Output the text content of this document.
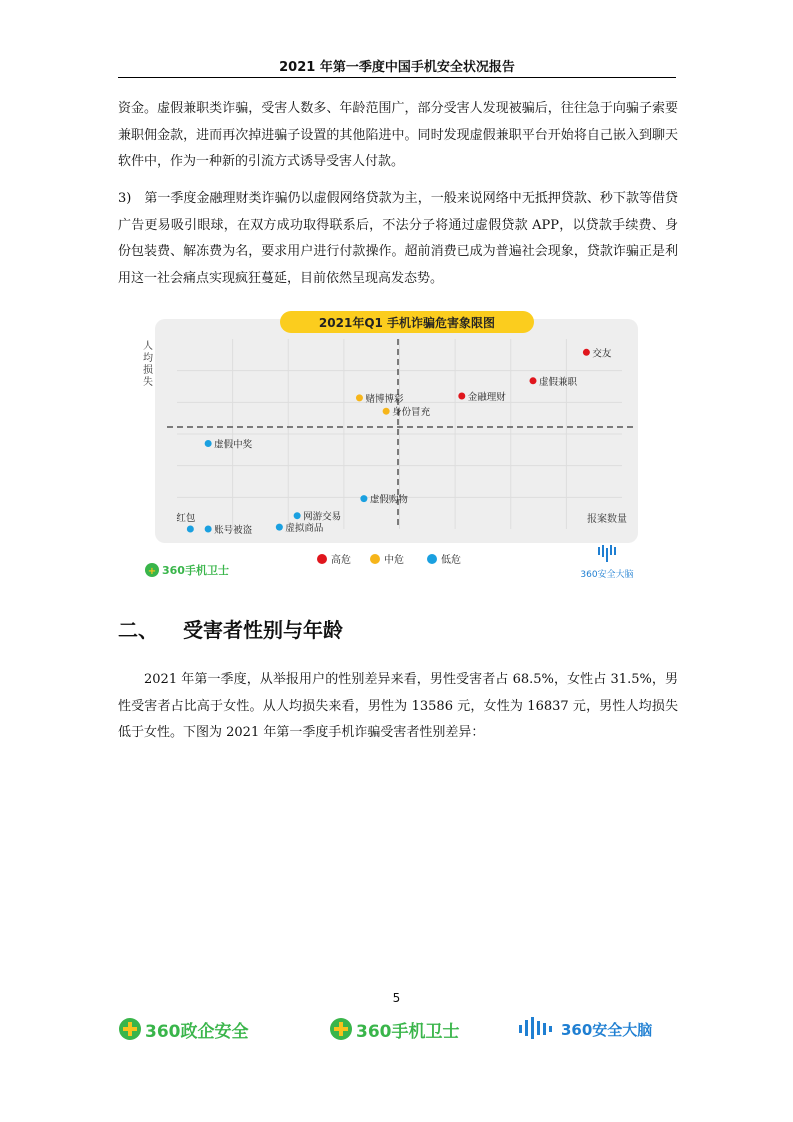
2021 年第一季度中国手机安全状况报告

资金。虚假兼职类诈骗，受害人数多、年龄范围广，部分受害人发现被骗后，往往急于向骗子索要兼职佣金款，进而再次掉进骗子设置的其他陷进中。同时发现虚假兼职平台开始将自己嵌入到聊天软件中，作为一种新的引流方式诱导受害人付款。

3)　第一季度金融理财类诈骗仍以虚假网络贷款为主，一般来说网络中无抵押贷款、秒下款等借贷广告更易吸引眼球，在双方成功取得联系后，不法分子将通过虚假贷款 APP，以贷款手续费、身份包装费、解冻费为名，要求用户进行付款操作。超前消费已成为普遍社会现象，贷款诈骗正是利用这一社会痛点实现疯狂蔓延，目前依然呈现高发态势。

2021年Q1 手机诈骗危害象限图
人均损失
报案数量
交友
虚假兼职
金融理财
赌博博彩
身份冒充
虚假中奖
虚假购物
网游交易
虚拟商品
账号被盗
红包
高危	中危	低危
+ 360手机卫士	360安全大脑
二、 受害者性别与年龄

2021 年第一季度，从举报用户的性别差异来看，男性受害者占 68.5%，女性占 31.5%，男性受害者占比高于女性。从人均损失来看，男性为 13586 元，女性为 16837 元，男性人均损失低于女性。下图为 2021 年第一季度手机诈骗受害者性别差异：

5
360政企安全	360手机卫士	360安全大脑
